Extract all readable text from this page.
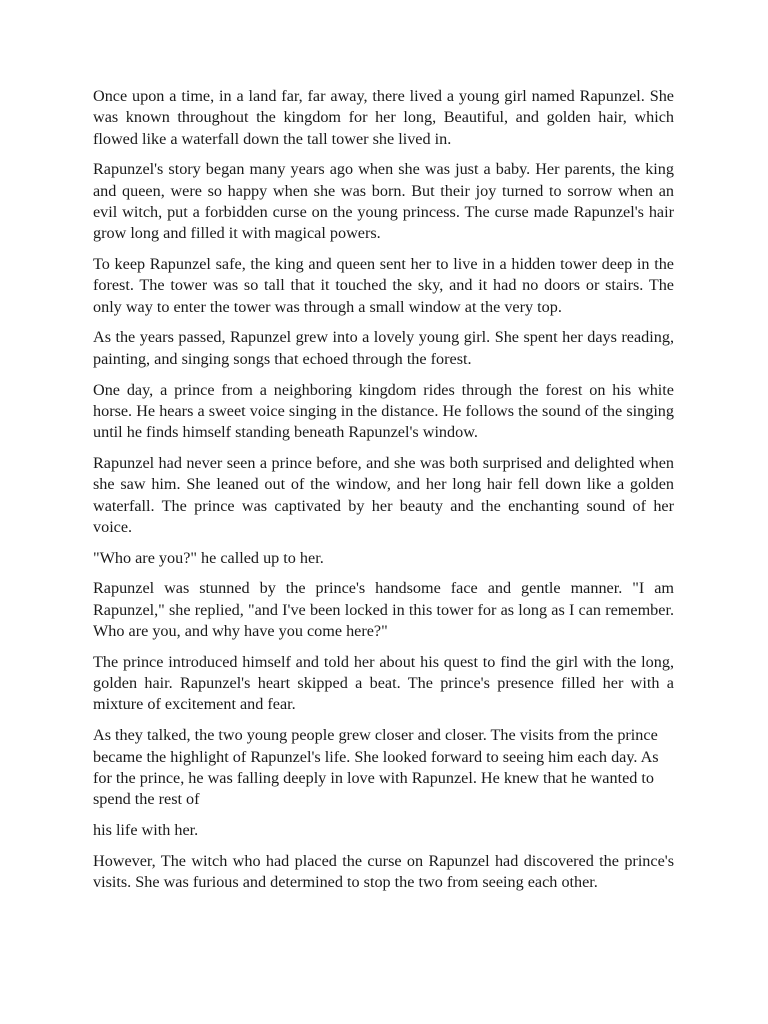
Once upon a time, in a land far, far away, there lived a young girl named Rapunzel. She was known throughout the kingdom for her long, Beautiful, and golden hair, which flowed like a waterfall down the tall tower she lived in.

Rapunzel's story began many years ago when she was just a baby. Her parents, the king and queen, were so happy when she was born. But their joy turned to sorrow when an evil witch, put a forbidden curse on the young princess. The curse made Rapunzel's hair grow long and filled it with magical powers.

To keep Rapunzel safe, the king and queen sent her to live in a hidden tower deep in the forest. The tower was so tall that it touched the sky, and it had no doors or stairs. The only way to enter the tower was through a small window at the very top.

As the years passed, Rapunzel grew into a lovely young girl. She spent her days reading, painting, and singing songs that echoed through the forest.

One day, a prince from a neighboring kingdom rides through the forest on his white horse. He hears a sweet voice singing in the distance. He follows the sound of the singing until he finds himself standing beneath Rapunzel's window.

Rapunzel had never seen a prince before, and she was both surprised and delighted when she saw him. She leaned out of the window, and her long hair fell down like a golden waterfall. The prince was captivated by her beauty and the enchanting sound of her voice.

"Who are you?" he called up to her.

Rapunzel was stunned by the prince's handsome face and gentle manner. "I am Rapunzel," she replied, "and I've been locked in this tower for as long as I can remember. Who are you, and why have you come here?"

The prince introduced himself and told her about his quest to find the girl with the long, golden hair. Rapunzel's heart skipped a beat. The prince's presence filled her with a mixture of excitement and fear.

As they talked, the two young people grew closer and closer. The visits from the prince became the highlight of Rapunzel's life. She looked forward to seeing him each day. As for the prince, he was falling deeply in love with Rapunzel. He knew that he wanted to spend the rest of

his life with her.

However, The witch who had placed the curse on Rapunzel had discovered the prince's visits. She was furious and determined to stop the two from seeing each other.
